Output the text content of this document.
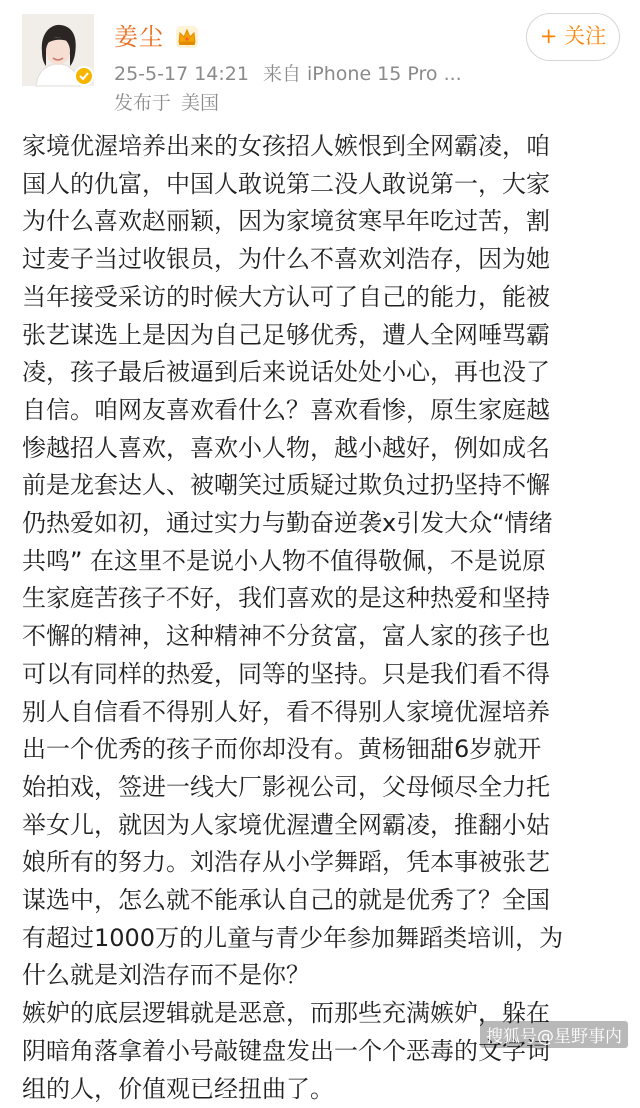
姜尘
25-5-17 14:21 来自 iPhone 15 Pro ...
发布于 美国
+ 关注
家境优渥培养出来的女孩招人嫉恨到全网霸凌，咱
国人的仇富，中国人敢说第二没人敢说第一，大家
为什么喜欢赵丽颖，因为家境贫寒早年吃过苦，割
过麦子当过收银员，为什么不喜欢刘浩存，因为她
当年接受采访的时候大方认可了自己的能力，能被
张艺谋选上是因为自己足够优秀，遭人全网唾骂霸
凌，孩子最后被逼到后来说话处处小心，再也没了
自信。咱网友喜欢看什么？喜欢看惨，原生家庭越
惨越招人喜欢，喜欢小人物，越小越好，例如成名
前是龙套达人、被嘲笑过质疑过欺负过扔坚持不懈
仍热爱如初，通过实力与勤奋逆袭x引发大众“情绪
共鸣” 在这里不是说小人物不值得敬佩，不是说原
生家庭苦孩子不好，我们喜欢的是这种热爱和坚持
不懈的精神，这种精神不分贫富，富人家的孩子也
可以有同样的热爱，同等的坚持。只是我们看不得
别人自信看不得别人好，看不得别人家境优渥培养
出一个优秀的孩子而你却没有。黄杨钿甜6岁就开
始拍戏，签进一线大厂影视公司，父母倾尽全力托
举女儿，就因为人家境优渥遭全网霸凌，推翻小姑
娘所有的努力。刘浩存从小学舞蹈，凭本事被张艺
谋选中，怎么就不能承认自己的就是优秀了？全国
有超过1000万的儿童与青少年参加舞蹈类培训，为
什么就是刘浩存而不是你？
嫉妒的底层逻辑就是恶意，而那些充满嫉妒，躲在
阴暗角落拿着小号敲键盘发出一个个恶毒的文字词
组的人，价值观已经扭曲了。
搜狐号@星野事内
